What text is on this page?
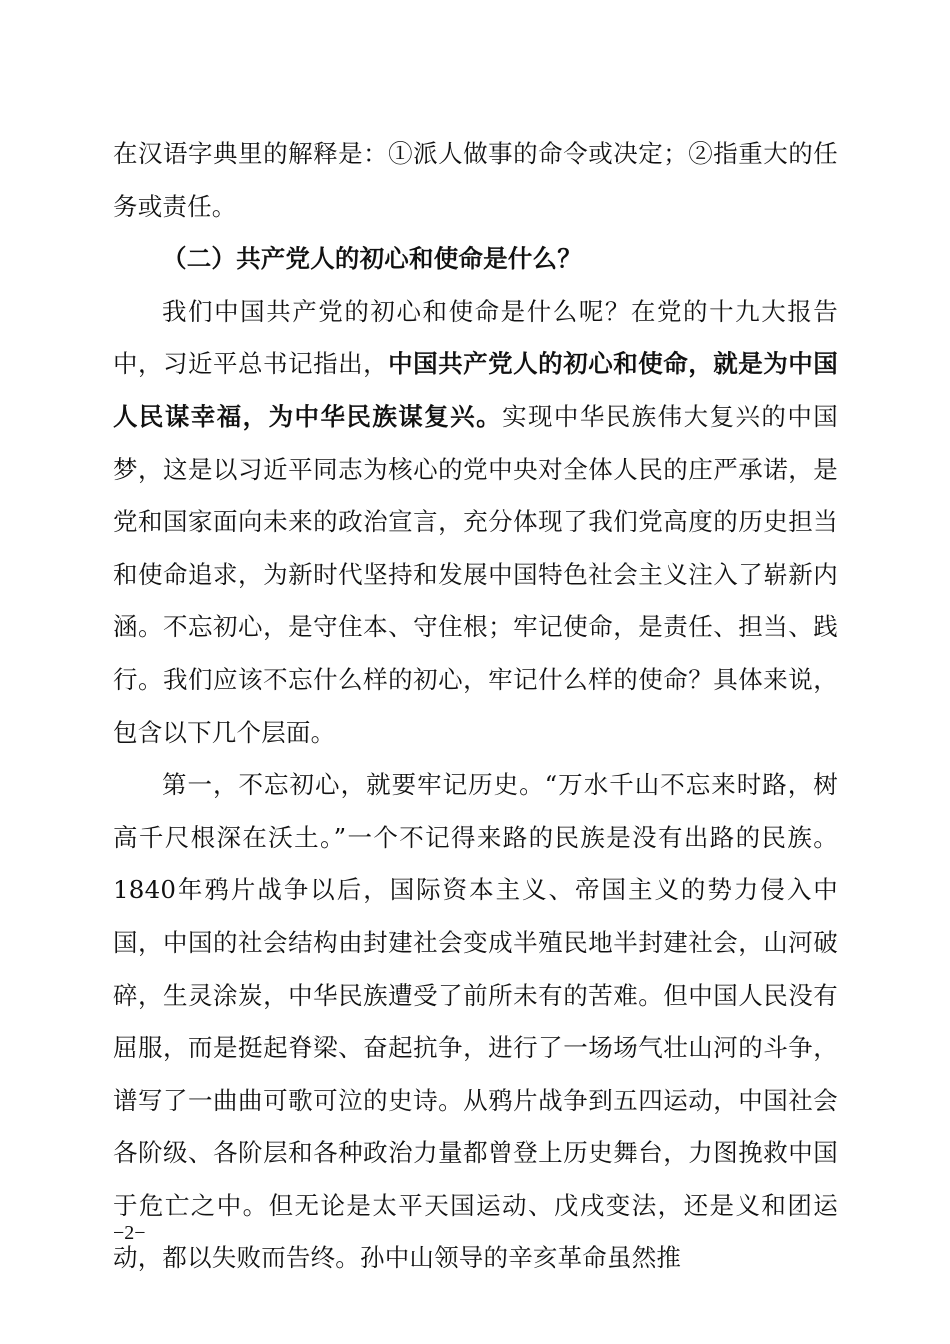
在汉语字典里的解释是：①派人做事的命令或决定；②指重大的任务或责任。

（二）共产党人的初心和使命是什么？

我们中国共产党的初心和使命是什么呢？在党的十九大报告中，习近平总书记指出，中国共产党人的初心和使命，就是为中国人民谋幸福，为中华民族谋复兴。实现中华民族伟大复兴的中国梦，这是以习近平同志为核心的党中央对全体人民的庄严承诺，是党和国家面向未来的政治宣言，充分体现了我们党高度的历史担当和使命追求，为新时代坚持和发展中国特色社会主义注入了崭新内涵。不忘初心，是守住本、守住根；牢记使命，是责任、担当、践行。我们应该不忘什么样的初心，牢记什么样的使命？具体来说，包含以下几个层面。

第一，不忘初心，就要牢记历史。“万水千山不忘来时路，树高千尺根深在沃土。”一个不记得来路的民族是没有出路的民族。1840年鸦片战争以后，国际资本主义、帝国主义的势力侵入中国，中国的社会结构由封建社会变成半殖民地半封建社会，山河破碎，生灵涂炭，中华民族遭受了前所未有的苦难。但中国人民没有屈服，而是挺起脊梁、奋起抗争，进行了一场场气壮山河的斗争，谱写了一曲曲可歌可泣的史诗。从鸦片战争到五四运动，中国社会各阶级、各阶层和各种政治力量都曾登上历史舞台，力图挽救中国于危亡之中。但无论是太平天国运动、戊戌变法，还是义和团运动，都以失败而告终。孙中山领导的辛亥革命虽然推

−2−
